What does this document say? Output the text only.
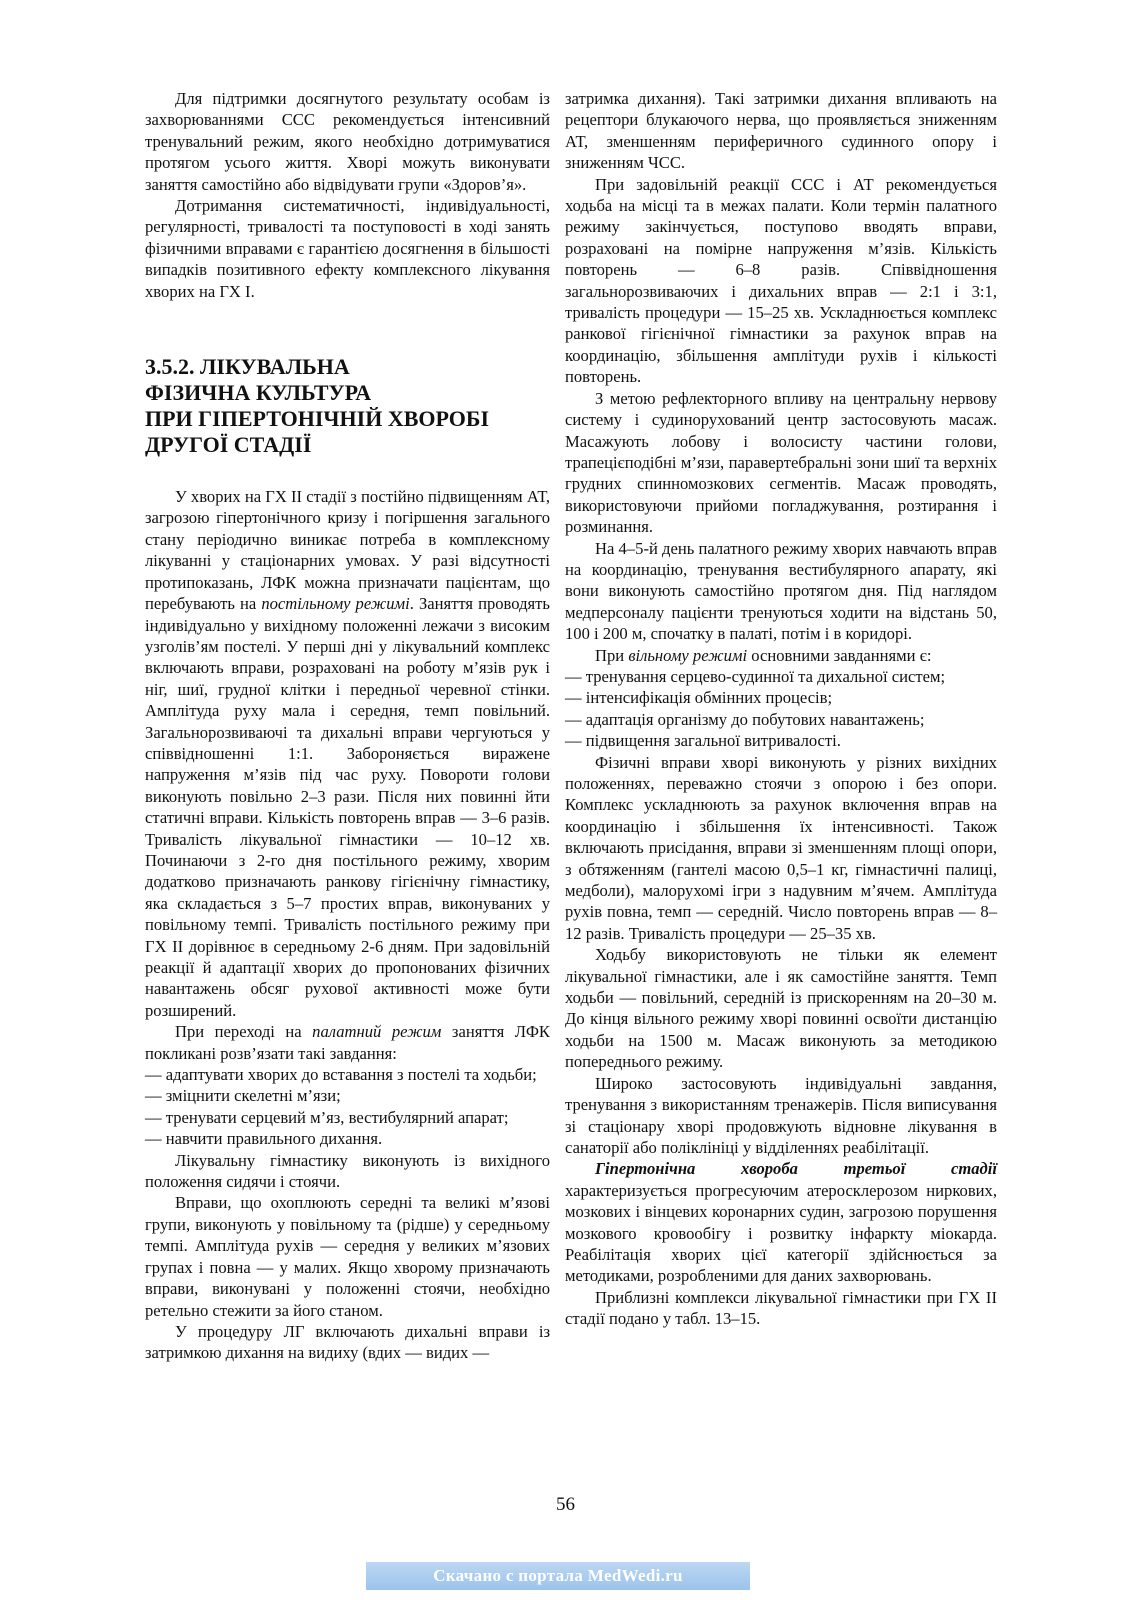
Для підтримки досягнутого результату особам із захворюваннями ССС рекомендується інтенсивний тренувальний режим, якого необхідно дотримуватися протягом усього життя. Хворі можуть виконувати заняття самостійно або відвідувати групи «Здоров’я».

Дотримання систематичності, індивідуальності, регулярності, тривалості та поступовості в ході занять фізичними вправами є гарантією досягнення в більшості випадків позитивного ефекту комплексного лікування хворих на ГХ І.

3.5.2. ЛІКУВАЛЬНА
ФІЗИЧНА КУЛЬТУРА
ПРИ ГІПЕРТОНІЧНІЙ ХВОРОБІ
ДРУГОЇ СТАДІЇ

У хворих на ГХ ІІ стадії з постійно підвищенням АТ, загрозою гіпертонічного кризу і погіршення загального стану періодично виникає потреба в комплексному лікуванні у стаціонарних умовах. У разі відсутності протипоказань, ЛФК можна призначати пацієнтам, що перебувають на постільному режимі. Заняття проводять індивідуально у вихідному положенні лежачи з високим узголів’ям постелі. У перші дні у лікувальний комплекс включають вправи, розраховані на роботу м’язів рук і ніг, шиї, грудної клітки і передньої черевної стінки. Амплітуда руху мала і середня, темп повільний. Загальнорозвиваючі та дихальні вправи чергуються у співвідношенні 1:1. Забороняється виражене напруження м’язів під час руху. Повороти голови виконують повільно 2–3 рази. Після них повинні йти статичні вправи. Кількість повторень вправ — 3–6 разів. Тривалість лікувальної гімнастики — 10–12 хв. Починаючи з 2-го дня постільного режиму, хворим додатково призначають ранкову гігієнічну гімнастику, яка складається з 5–7 простих вправ, виконуваних у повільному темпі. Тривалість постільного режиму при ГХ ІІ дорівнює в середньому 2-6 дням. При задовільній реакції й адаптації хворих до пропонованих фізичних навантажень обсяг рухової активності може бути розширений.

При переході на палатний режим заняття ЛФК покликані розв’язати такі завдання:

— адаптувати хворих до вставання з постелі та ходьби;

— зміцнити скелетні м’язи;

— тренувати серцевий м’яз, вестибулярний апарат;

— навчити правильного дихання.

Лікувальну гімнастику виконують із вихідного положення сидячи і стоячи.

Вправи, що охоплюють середні та великі м’язові групи, виконують у повільному та (рідше) у середньому темпі. Амплітуда рухів — середня у великих м’язових групах і повна — у малих. Якщо хворому призначають вправи, виконувані у положенні стоячи, необхідно ретельно стежити за його станом.

У процедуру ЛГ включають дихальні вправи із затримкою дихання на видиху (вдих — видих —

затримка дихання). Такі затримки дихання впливають на рецептори блукаючого нерва, що проявляється зниженням АТ, зменшенням периферичного судинного опору і зниженням ЧСС.

При задовільній реакції ССС і АТ рекомендується ходьба на місці та в межах палати. Коли термін палатного режиму закінчується, поступово вводять вправи, розраховані на помірне напруження м’язів. Кількість повторень — 6–8 разів. Співвідношення загальнорозвиваючих і дихальних вправ — 2:1 і 3:1, тривалість процедури — 15–25 хв. Ускладнюється комплекс ранкової гігієнічної гімнастики за рахунок вправ на координацію, збільшення амплітуди рухів і кількості повторень.

З метою рефлекторного впливу на центральну нервову систему і судинорухований центр застосовують масаж. Масажують лобову і волосисту частини голови, трапецієподібні м’язи, паравертебральні зони шиї та верхніх грудних спинномозкових сегментів. Масаж проводять, використовуючи прийоми погладжування, розтирання і розминання.

На 4–5-й день палатного режиму хворих навчають вправ на координацію, тренування вестибулярного апарату, які вони виконують самостійно протягом дня. Під наглядом медперсоналу пацієнти тренуються ходити на відстань 50, 100 і 200 м, спочатку в палаті, потім і в коридорі.

При вільному режимі основними завданнями є:

— тренування серцево-судинної та дихальної систем;

— інтенсифікація обмінних процесів;

— адаптація організму до побутових навантажень;

— підвищення загальної витривалості.

Фізичні вправи хворі виконують у різних вихідних положеннях, переважно стоячи з опорою і без опори. Комплекс ускладнюють за рахунок включення вправ на координацію і збільшення їх інтенсивності. Також включають присідання, вправи зі зменшенням площі опори, з обтяженням (гантелі масою 0,5–1 кг, гімнастичні палиці, медболи), малорухомі ігри з надувним м’ячем. Амплітуда рухів повна, темп — середній. Число повторень вправ — 8–12 разів. Тривалість процедури — 25–35 хв.

Ходьбу використовують не тільки як елемент лікувальної гімнастики, але і як самостійне заняття. Темп ходьби — повільний, середній із прискоренням на 20–30 м. До кінця вільного режиму хворі повинні освоїти дистанцію ходьби на 1500 м. Масаж виконують за методикою попереднього режиму.

Широко застосовують індивідуальні завдання, тренування з використанням тренажерів. Після виписування зі стаціонару хворі продовжують відновне лікування в санаторії або поліклініці у відділеннях реабілітації.

Гіпертонічна хвороба третьої стадії характеризується прогресуючим атеросклерозом ниркових, мозкових і вінцевих коронарних судин, загрозою порушення мозкового кровообігу і розвитку інфаркту міокарда. Реабілітація хворих цієї категорії здійснюється за методиками, розробленими для даних захворювань.

Приблизні комплекси лікувальної гімнастики при ГХ ІІ стадії подано у табл. 13–15.

56
Скачано с портала MedWedi.ru
